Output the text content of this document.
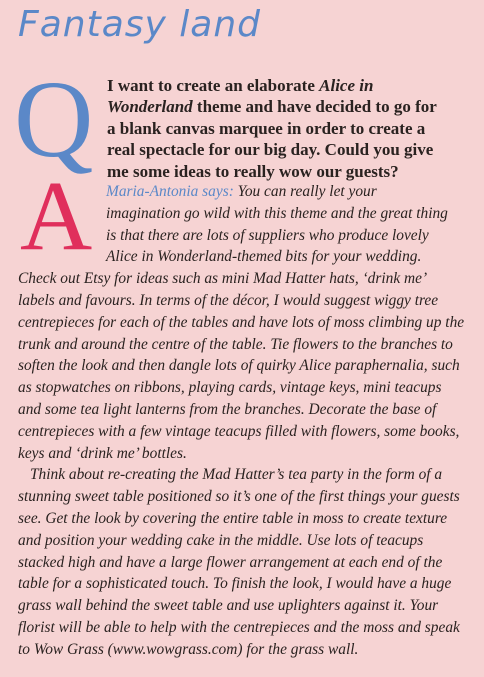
Fantasy land
Q I want to create an elaborate Alice in
Wonderland theme and have decided to go for
a blank canvas marquee in order to create a
real spectacle for our big day. Could you give
me some ideas to really wow our guests?
A Maria-Antonia says: You can really let your
imagination go wild with this theme and the great thing
is that there are lots of suppliers who produce lovely
Alice in Wonderland-themed bits for your wedding.
Check out Etsy for ideas such as mini Mad Hatter hats, ‘drink me’
labels and favours. In terms of the décor, I would suggest wiggy tree
centrepieces for each of the tables and have lots of moss climbing up the
trunk and around the centre of the table. Tie flowers to the branches to
soften the look and then dangle lots of quirky Alice paraphernalia, such
as stopwatches on ribbons, playing cards, vintage keys, mini teacups
and some tea light lanterns from the branches. Decorate the base of
centrepieces with a few vintage teacups filled with flowers, some books,
keys and ‘drink me’ bottles.
Think about re-creating the Mad Hatter’s tea party in the form of a
stunning sweet table positioned so it’s one of the first things your guests
see. Get the look by covering the entire table in moss to create texture
and position your wedding cake in the middle. Use lots of teacups
stacked high and have a large flower arrangement at each end of the
table for a sophisticated touch. To finish the look, I would have a huge
grass wall behind the sweet table and use uplighters against it. Your
florist will be able to help with the centrepieces and the moss and speak
to Wow Grass (www.wowgrass.com) for the grass wall.
